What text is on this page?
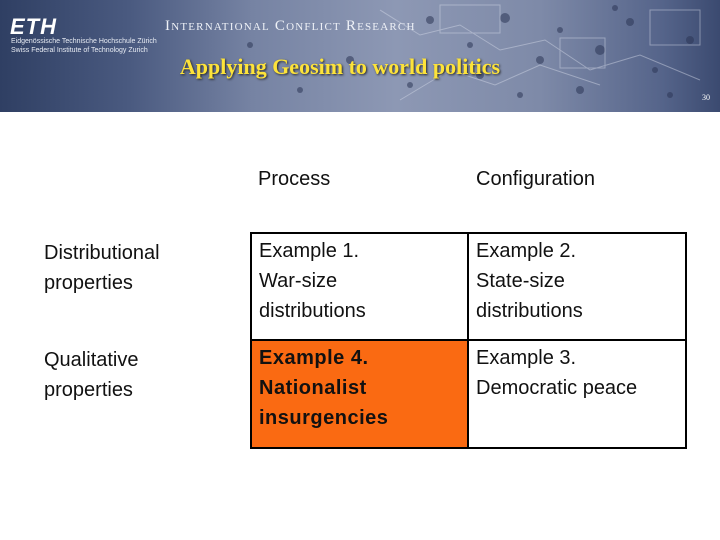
ETH
Eidgenössische Technische Hochschule Zürich
Swiss Federal Institute of Technology Zurich
International Conflict Research
Applying Geosim to world politics
30
Process	Configuration
Distributional
properties
Qualitative
properties
Example 1.
War-size
distributions
Example 2.
State-size
distributions
Example 4.
Nationalist
insurgencies
Example 3.
Democratic peace
